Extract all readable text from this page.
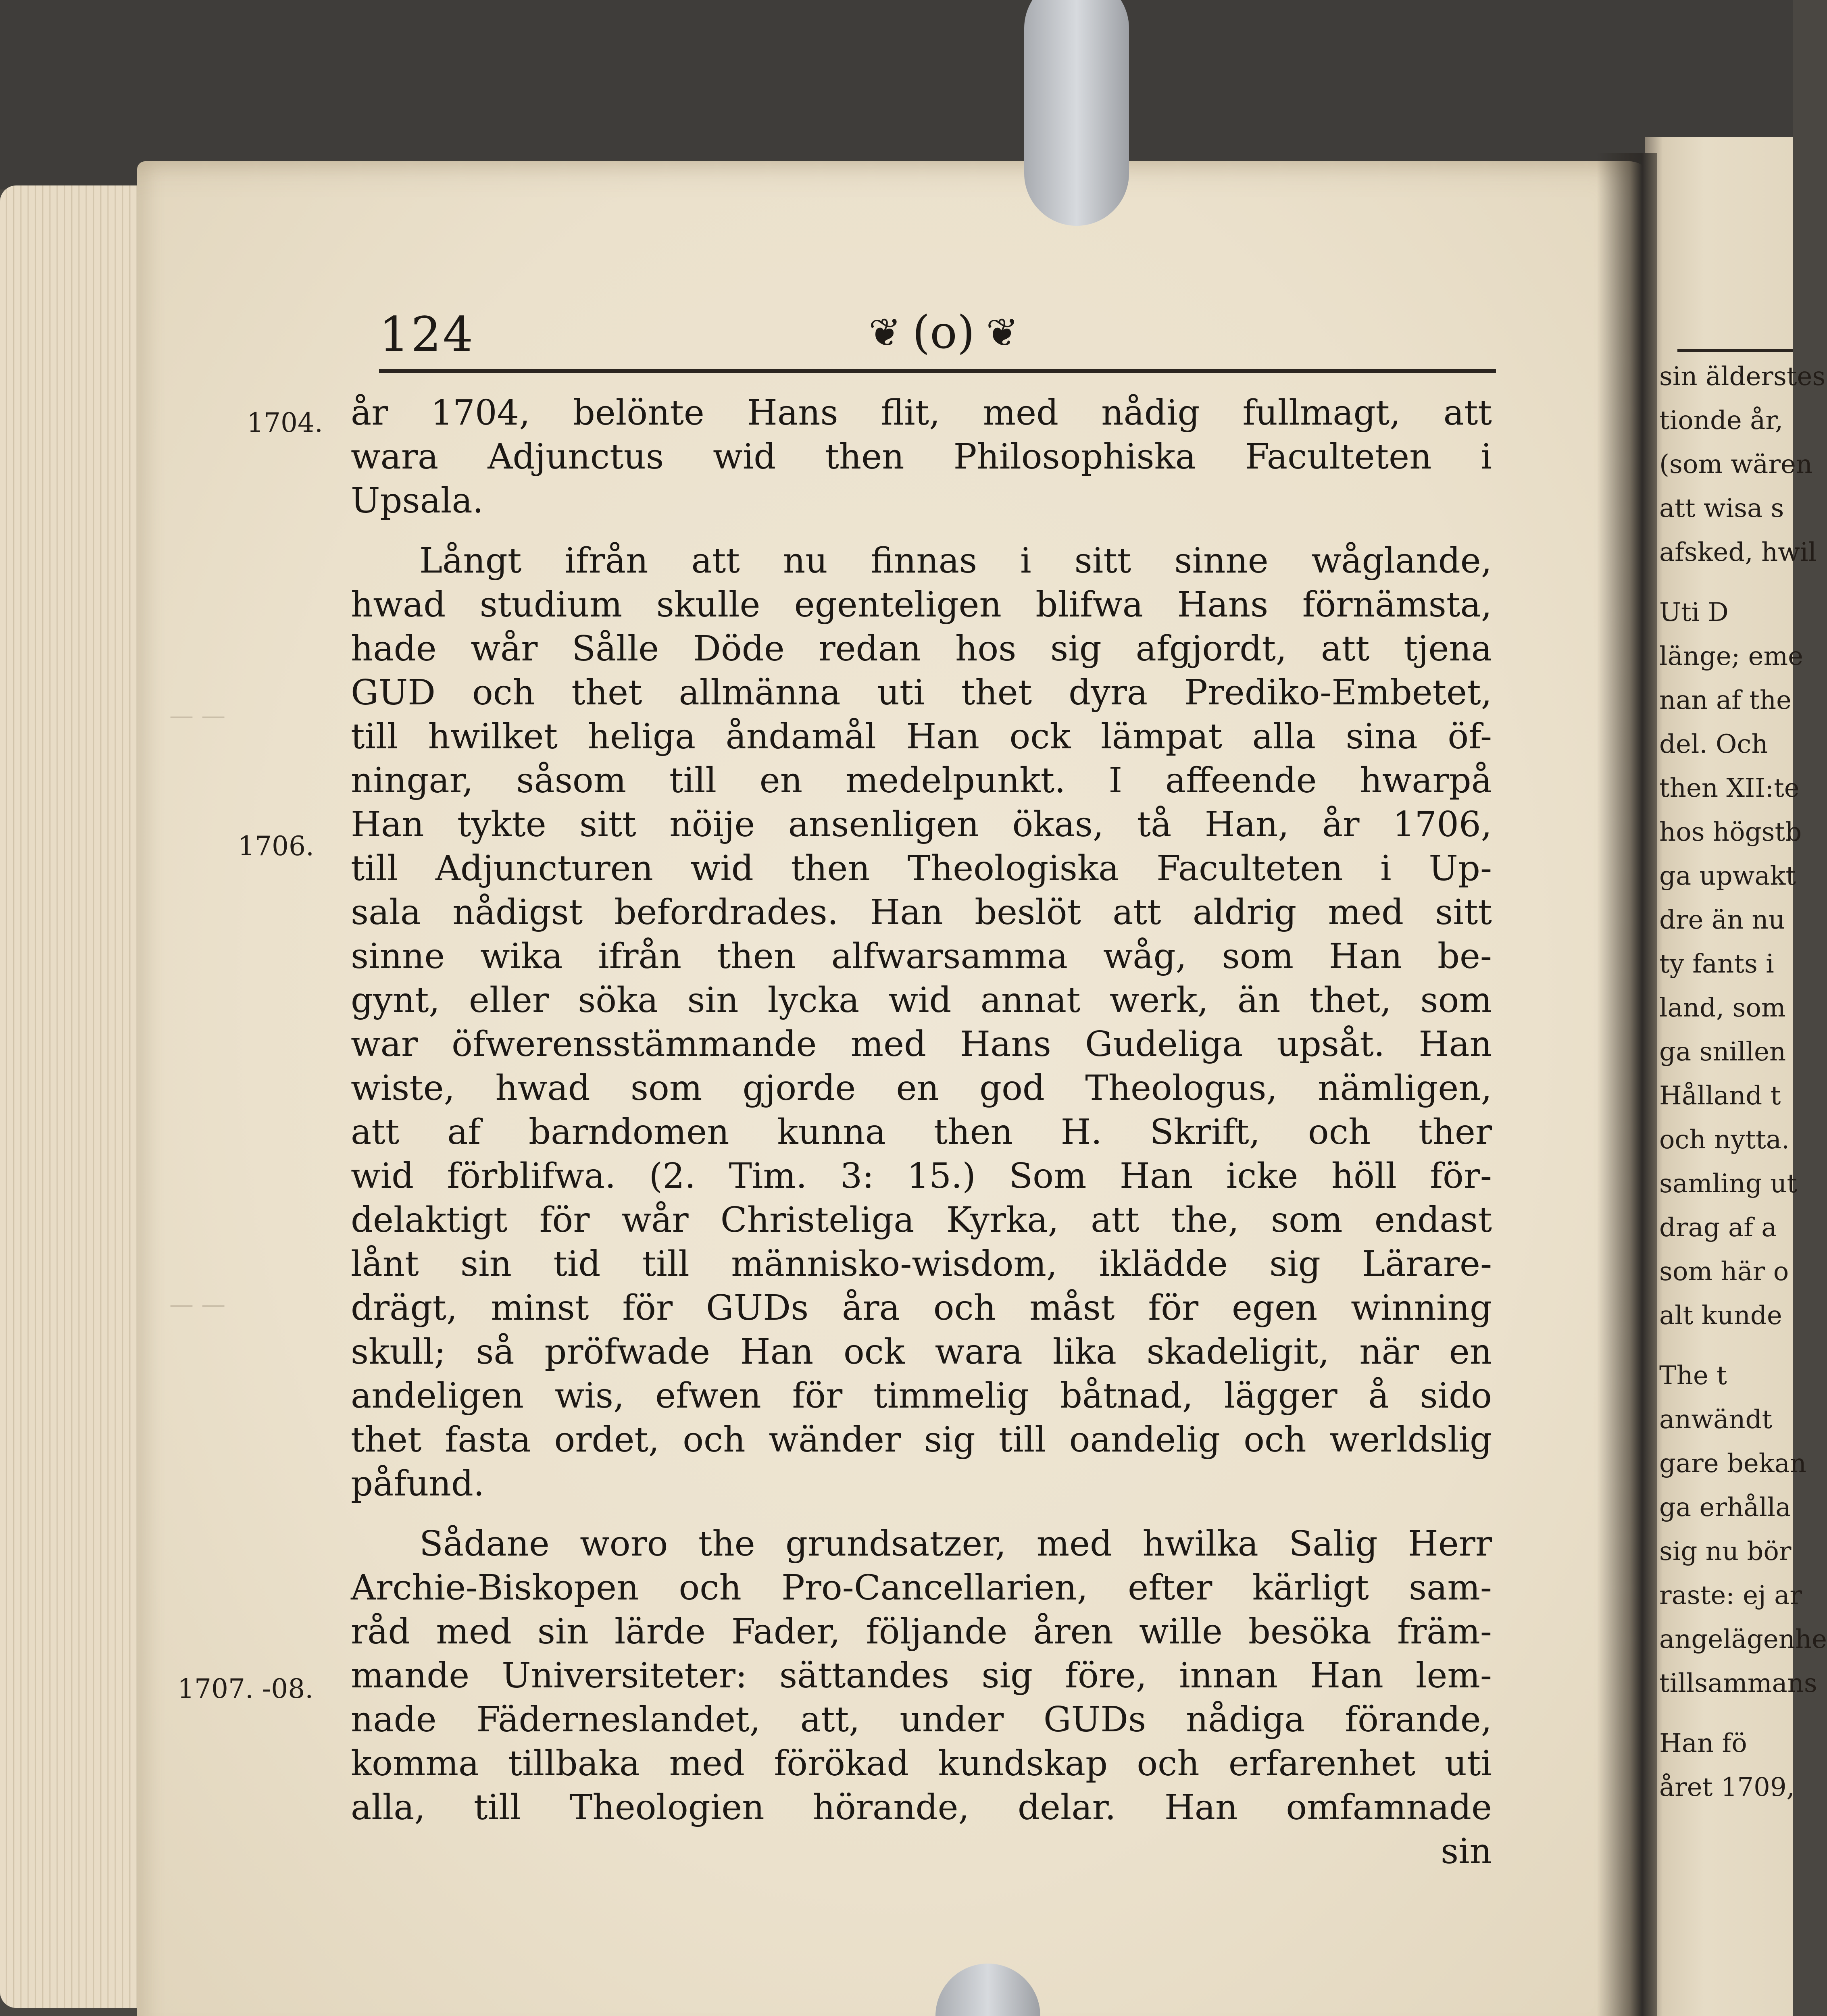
— —
— —
124	❦ (o) ❦
1704.
1706.
1707. -08.
år 1704, belönte Hans flit, med nådig fullmagt, att
wara Adjunctus wid then Philosophiska Faculteten i
Upsala.
Långt ifrån att nu finnas i sitt sinne wåglande,
hwad studium skulle egenteligen blifwa Hans förnämsta,
hade wår Sålle Döde redan hos sig afgjordt, att tjena
GUD och thet allmänna uti thet dyra Prediko-Embetet,
till hwilket heliga åndamål Han ock lämpat alla sina öf-
ningar, såsom till en medelpunkt. I affeende hwarpå
Han tykte sitt nöije ansenligen ökas, tå Han, år 1706,
till Adjuncturen wid then Theologiska Faculteten i Up-
sala nådigst befordrades. Han beslöt att aldrig med sitt
sinne wika ifrån then alfwarsamma wåg, som Han be-
gynt, eller söka sin lycka wid annat werk, än thet, som
war öfwerensstämmande med Hans Gudeliga upsåt. Han
wiste, hwad som gjorde en god Theologus, nämligen,
att af barndomen kunna then H. Skrift, och ther
wid förblifwa. (2. Tim. 3: 15.) Som Han icke höll för-
delaktigt för wår Christeliga Kyrka, att the, som endast
lånt sin tid till människo-wisdom, iklädde sig Lärare-
drägt, minst för GUDs åra och måst för egen winning
skull; så pröfwade Han ock wara lika skadeligit, när en
andeligen wis, efwen för timmelig båtnad, lägger å sido
thet fasta ordet, och wänder sig till oandelig och werldslig
påfund.
Sådane woro the grundsatzer, med hwilka Salig Herr
Archie-Biskopen och Pro-Cancellarien, efter kärligt sam-
råd med sin lärde Fader, följande åren wille besöka främ-
mande Universiteter: sättandes sig före, innan Han lem-
nade Fäderneslandet, att, under GUDs nådiga förande,
komma tillbaka med förökad kundskap och erfarenhet uti
alla, till Theologien hörande, delar. Han omfamnade
sin
sin älderstes
tionde år,
(som wären
att wisa s
afsked, hwil
Uti D
länge; eme
nan af the
del. Och
then XII:te
hos högstb
ga upwakt
dre än nu
ty fants i
land, som
ga snillen
Hålland t
och nytta.
samling ut
drag af a
som här o
alt kunde
The t
anwändt
gare bekan
ga erhålla
sig nu bör
raste: ej ar
angelägenhe
tillsammans
Han fö
året 1709,
